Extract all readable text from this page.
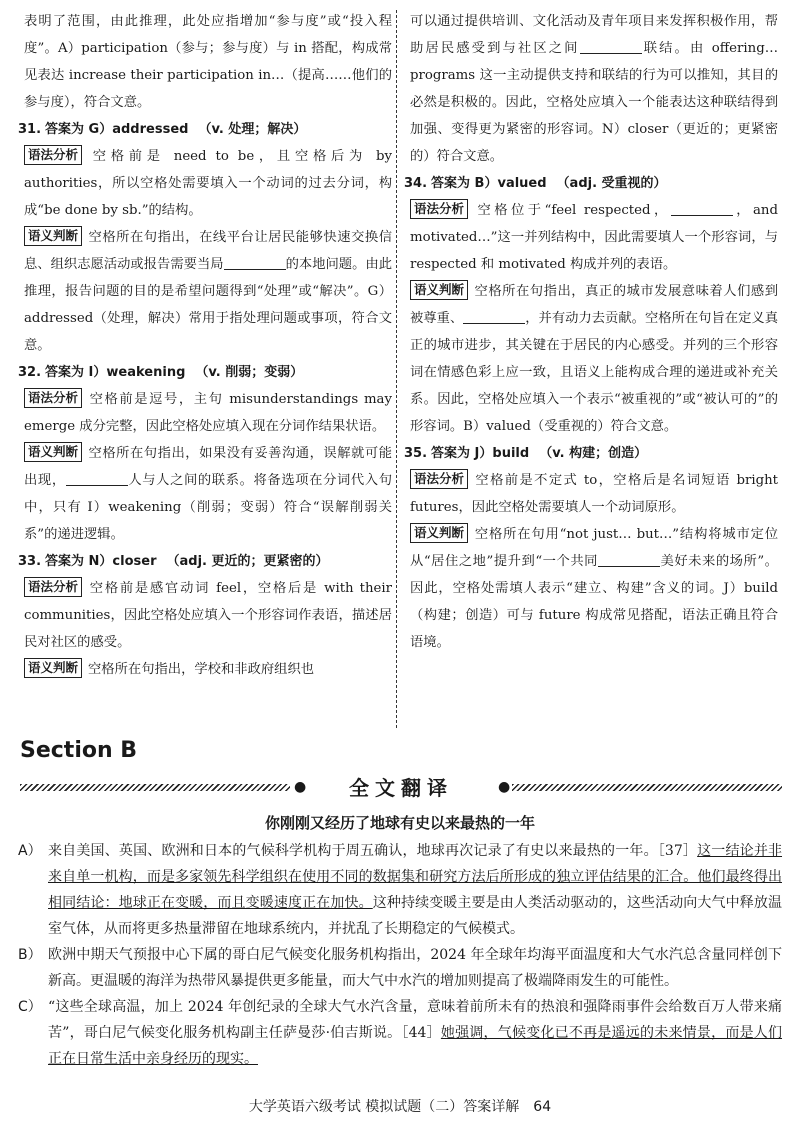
表明了范围，由此推理，此处应指增加“参与度”或“投入程度”。A）participation（参与；参与度）与 in 搭配，构成常见表达 increase their participation in…（提高……他们的参与度），符合文意。
31. 答案为 G）addressed （v. 处理；解决）
语法分析 空格前是 need to be，且空格后为 by authorities，所以空格处需要填入一个动词的过去分词，构成“be done by sb.”的结构。
语义判断 空格所在句指出，在线平台让居民能够快速交换信息、组织志愿活动或报告需要当局	的本地问题。由此推理，报告问题的目的是希望问题得到“处理”或“解决”。G）addressed（处理，解决）常用于指处理问题或事项，符合文意。
32. 答案为 I）weakening （v. 削弱；变弱）
语法分析 空格前是逗号，主句 misunderstandings may emerge 成分完整，因此空格处应填入现在分词作结果状语。
语义判断 空格所在句指出，如果没有妥善沟通，误解就可能出现，	人与人之间的联系。将备选项在分词代入句中，只有 I）weakening（削弱；变弱）符合“误解削弱关系”的递进逻辑。
33. 答案为 N）closer （adj. 更近的；更紧密的）
语法分析 空格前是感官动词 feel，空格后是 with their communities，因此空格处应填入一个形容词作表语，描述居民对社区的感受。
语义判断 空格所在句指出，学校和非政府组织也
可以通过提供培训、文化活动及青年项目来发挥积极作用，帮助居民感受到与社区之间	联结。由 offering… programs 这一主动提供支持和联结的行为可以推知，其目的必然是积极的。因此，空格处应填入一个能表达这种联结得到加强、变得更为紧密的形容词。N）closer（更近的；更紧密的）符合文意。
34. 答案为 B）valued （adj. 受重视的）
语法分析 空格位于“feel respected，	，and motivated…”这一并列结构中，因此需要填人一个形容词，与 respected 和 motivated 构成并列的表语。
语义判断 空格所在句指出，真正的城市发展意味着人们感到被尊重、	，并有动力去贡献。空格所在句旨在定义真正的城市进步，其关键在于居民的内心感受。并列的三个形容词在情感色彩上应一致，且语义上能构成合理的递进或补充关系。因此，空格处应填入一个表示“被重视的”或“被认可的”的形容词。B）valued（受重视的）符合文意。
35. 答案为 J）build （v. 构建；创造）
语法分析 空格前是不定式 to，空格后是名词短语 bright futures，因此空格处需要填人一个动词原形。
语义判断 空格所在句用“not just… but…”结构将城市定位从“居住之地”提升到“一个共同	美好未来的场所”。因此，空格处需填人表示“建立、构建”含义的词。J）build（构建；创造）可与 future 构成常见搭配，语法正确且符合语境。
Section B
●	全文翻译	●
你刚刚又经历了地球有史以来最热的一年
A） 来自美国、英国、欧洲和日本的气候科学机构于周五确认，地球再次记录了有史以来最热的一年。［37］这一结论并非来自单一机构，而是多家领先科学组织在使用不同的数据集和研究方法后所形成的独立评估结果的汇合。他们最终得出相同结论：地球正在变暖，而且变暖速度正在加快。这种持续变暖主要是由人类活动驱动的，这些活动向大气中释放温室气体，从而将更多热量滞留在地球系统内，并扰乱了长期稳定的气候模式。
B） 欧洲中期天气预报中心下属的哥白尼气候变化服务机构指出，2024 年全球年均海平面温度和大气水汽总含量同样创下新高。更温暖的海洋为热带风暴提供更多能量，而大气中水汽的增加则提高了极端降雨发生的可能性。
C） “这些全球高温，加上 2024 年创纪录的全球大气水汽含量，意味着前所未有的热浪和强降雨事件会给数百万人带来痛苦”，哥白尼气候变化服务机构副主任萨曼莎·伯吉斯说。［44］她强调，气候变化已不再是遥远的未来情景，而是人们正在日常生活中亲身经历的现实。
大学英语六级考试 模拟试题（二）答案详解　64
